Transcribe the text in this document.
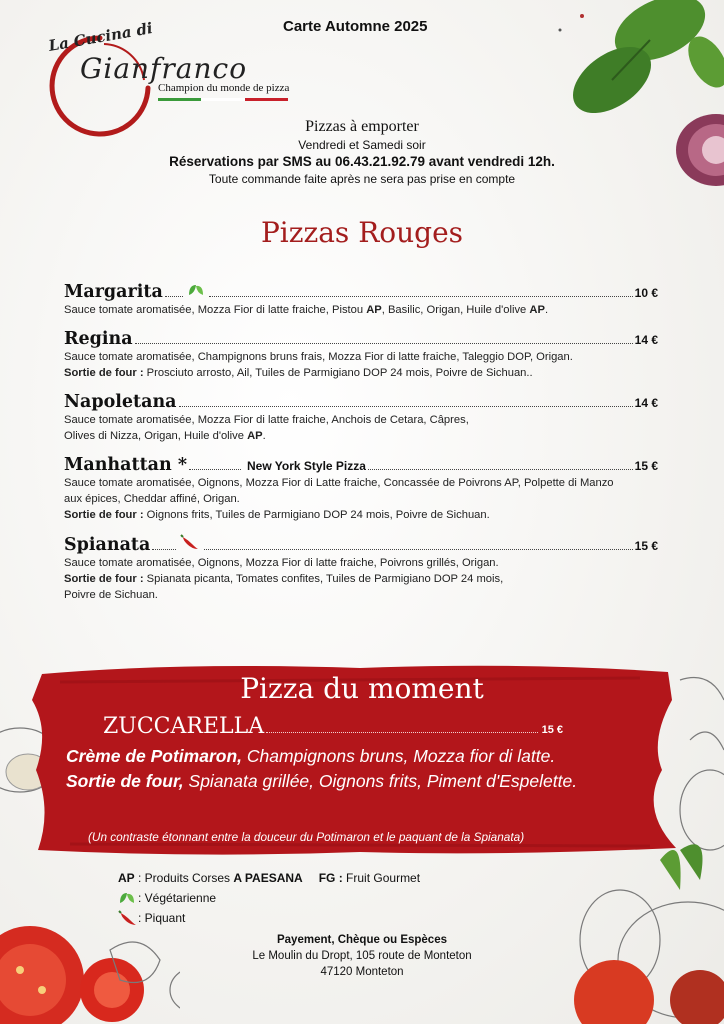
Carte Automne 2025
La Cucina di
Gianfranco
Champion du monde de pizza
Pizzas à emporter
Vendredi et Samedi soir
Réservations par SMS au 06.43.21.92.79 avant vendredi 12h.
Toute commande faite après ne sera pas prise en compte
Pizzas Rouges
Margarita	10 €
Sauce tomate aromatisée, Mozza Fior di latte fraiche, Pistou AP, Basilic, Origan, Huile d'olive AP.
Regina	14 €
Sauce tomate aromatisée, Champignons bruns frais, Mozza Fior di latte fraiche, Taleggio DOP, Origan.
Sortie de four : Prosciuto arrosto, Ail, Tuiles de Parmigiano DOP 24 mois, Poivre de Sichuan..
Napoletana	14 €
Sauce tomate aromatisée, Mozza Fior di latte fraiche, Anchois de Cetara, Câpres,
Olives di Nizza, Origan, Huile d'olive AP.
Manhattan *	New York Style Pizza	15 €
Sauce tomate aromatisée, Oignons, Mozza Fior di Latte fraiche, Concassée de Poivrons AP, Polpette di Manzo
aux épices, Cheddar affiné, Origan.
Sortie de four : Oignons frits, Tuiles de Parmigiano DOP 24 mois, Poivre de Sichuan.
Spianata	15 €
Sauce tomate aromatisée, Oignons, Mozza Fior di latte fraiche, Poivrons grillés, Origan.
Sortie de four : Spianata picanta, Tomates confites, Tuiles de Parmigiano DOP 24 mois,
Poivre de Sichuan.
Pizza du moment
ZUCCARELLA	15 €
Crème de Potimaron, Champignons bruns, Mozza fior di latte.
Sortie de four, Spianata grillée, Oignons frits, Piment d'Espelette.
(Un contraste étonnant entre la douceur du Potimaron et le paquant de la Spianata)
AP : Produits Corses A PAESANA FG : Fruit Gourmet
: Végétarienne
: Piquant
Payement, Chèque ou Espèces
Le Moulin du Dropt, 105 route de Monteton
47120 Monteton
